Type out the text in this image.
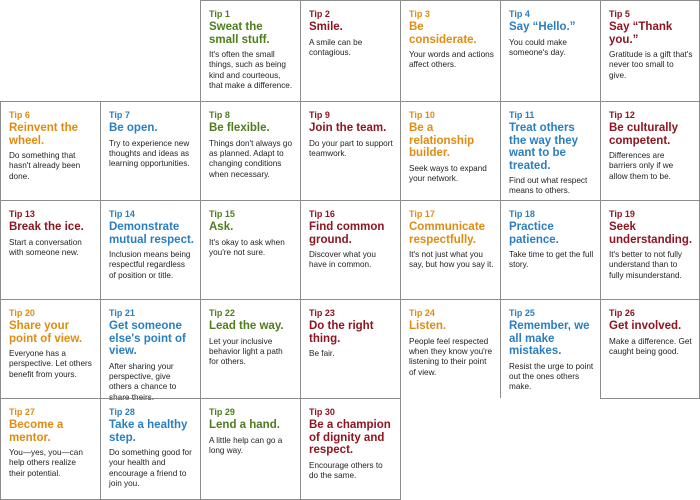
Tip 1
Sweat the small stuff.
It's often the small things, such as being kind and courteous, that make a difference.
Tip 2
Smile.
A smile can be contagious.
Tip 3
Be considerate.
Your words and actions affect others.
Tip 4
Say “Hello.”
You could make someone's day.
Tip 5
Say “Thank you.”
Gratitude is a gift that's never too small to give.
Tip 6
Reinvent the wheel.
Do something that hasn't already been done.
Tip 7
Be open.
Try to experience new thoughts and ideas as learning opportunities.
Tip 8
Be flexible.
Things don't always go as planned. Adapt to changing conditions when necessary.
Tip 9
Join the team.
Do your part to support teamwork.
Tip 10
Be a relationship builder.
Seek ways to expand your network.
Tip 11
Treat others the way they want to be treated.
Find out what respect means to others.
Tip 12
Be culturally competent.
Differences are barriers only if we allow them to be.
Tip 13
Break the ice.
Start a conversation with someone new.
Tip 14
Demonstrate mutual respect.
Inclusion means being respectful regardless of position or title.
Tip 15
Ask.
It's okay to ask when you're not sure.
Tip 16
Find common ground.
Discover what you have in common.
Tip 17
Communicate respectfully.
It's not just what you say, but how you say it.
Tip 18
Practice patience.
Take time to get the full story.
Tip 19
Seek understanding.
It's better to not fully understand than to fully misunderstand.
Tip 20
Share your point of view.
Everyone has a perspective. Let others benefit from yours.
Tip 21
Get someone else's point of view.
After sharing your perspective, give others a chance to share theirs.
Tip 22
Lead the way.
Let your inclusive behavior light a path for others.
Tip 23
Do the right thing.
Be fair.
Tip 24
Listen.
People feel respected when they know you're listening to their point of view.
Tip 25
Remember, we all make mistakes.
Resist the urge to point out the ones others make.
Tip 26
Get involved.
Make a difference. Get caught being good.
Tip 27
Become a mentor.
You—yes, you—can help others realize their potential.
Tip 28
Take a healthy step.
Do something good for your health and encourage a friend to join you.
Tip 29
Lend a hand.
A little help can go a long way.
Tip 30
Be a champion of dignity and respect.
Encourage others to do the same.
